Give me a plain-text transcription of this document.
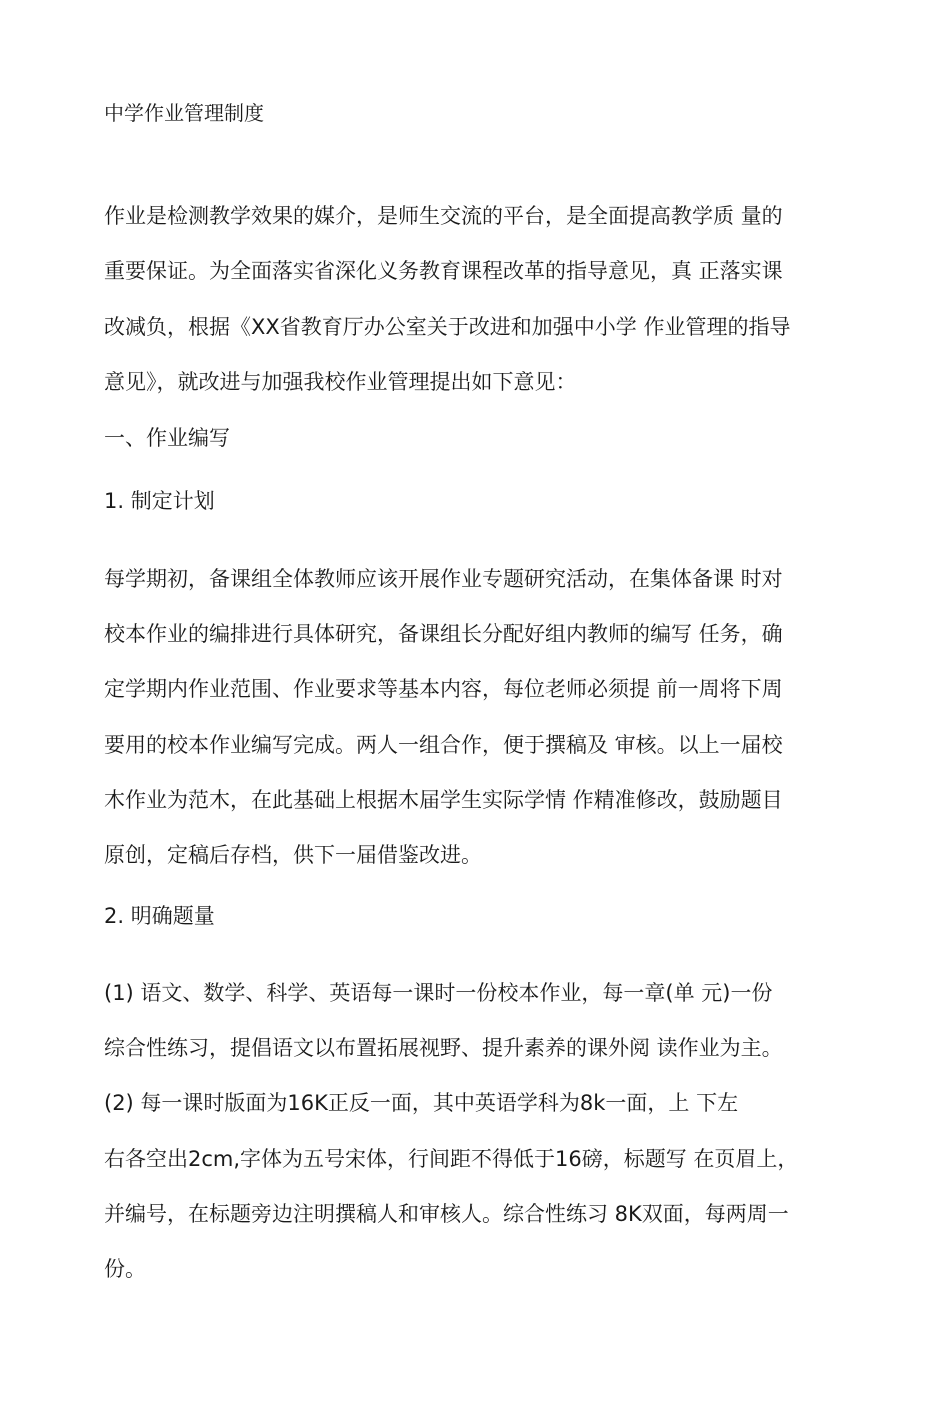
中学作业管理制度

作业是检测教学效果的媒介，是师生交流的平台，是全面提高教学质 量的

重要保证。为全面落实省深化义务教育课程改革的指导意见，真 正落实课

改减负，根据《XX省教育厅办公室关于改进和加强中小学 作业管理的指导

意见》，就改进与加强我校作业管理提出如下意见：

一、作业编写

1. 制定计划

每学期初，备课组全体教师应该开展作业专题研究活动，在集体备课 时对

校本作业的编排进行具体研究，备课组长分配好组内教师的编写 任务，确

定学期内作业范围、作业要求等基本内容，每位老师必须提 前一周将下周

要用的校本作业编写完成。两人一组合作，便于撰稿及 审核。以上一届校

木作业为范木，在此基础上根据木届学生实际学情 作精准修改，鼓励题目

原创，定稿后存档，供下一届借鉴改进。

2. 明确题量

(1) 语文、数学、科学、英语每一课时一份校本作业，每一章(单 元)一份

综合性练习，提倡语文以布置拓展视野、提升素养的课外阅 读作业为主。

(2) 每一课时版面为16K正反一面，其中英语学科为8k一面，上 下左

右各空出2cm,字体为五号宋体，行间距不得低于16磅，标题写 在页眉上，

并编号，在标题旁边注明撰稿人和审核人。综合性练习 8K双面，每两周一

份。
